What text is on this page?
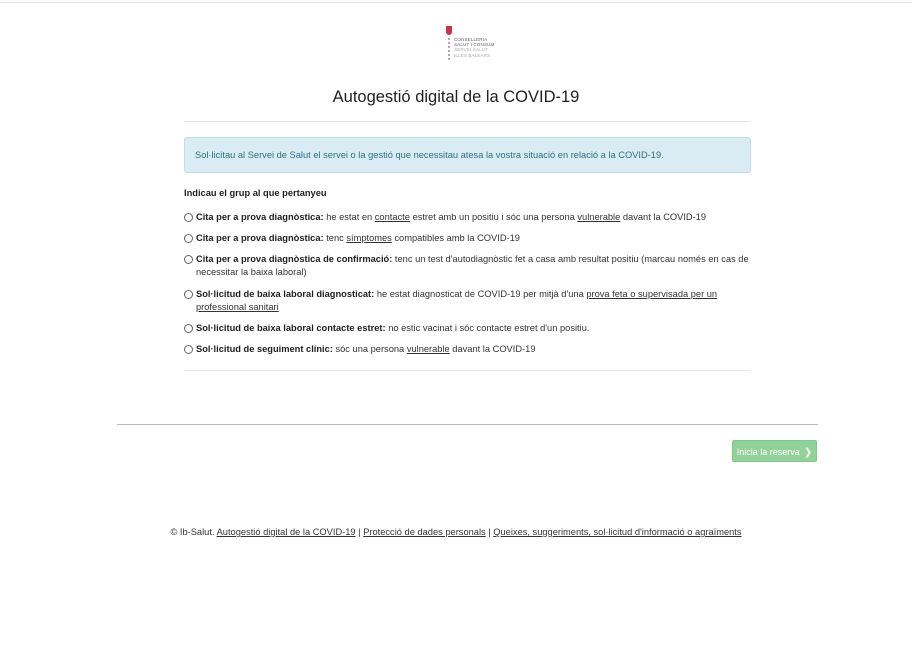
CONSELLERIA
SALUT I CONSUM
SERVEI SALUT
ILLES BALEARS
Autogestió digital de la COVID-19
Sol·licitau al Servei de Salut el servei o la gestió que necessitau atesa la vostra situació en relació a la COVID-19.
Indicau el grup al que pertanyeu
Cita per a prova diagnòstica: he estat en contacte estret amb un positiu i sóc una persona vulnerable davant la COVID-19
Cita per a prova diagnòstica: tenc símptomes compatibles amb la COVID-19
Cita per a prova diagnòstica de confirmació: tenc un test d'autodiagnòstic fet a casa amb resultat positiu (marcau només en cas de necessitar la baixa laboral)
Sol·licitud de baixa laboral diagnosticat: he estat diagnosticat de COVID-19 per mitjà d'una prova feta o supervisada per un professional sanitari
Sol·licitud de baixa laboral contacte estret: no estic vacinat i sóc contacte estret d'un positiu.
Sol·licitud de seguiment clínic: sóc una persona vulnerable davant la COVID-19
Inicia la reserva ❯
© Ib-Salut. Autogestió digital de la COVID-19 | Protecció de dades personals | Queixes, suggeriments, sol·licitud d'informació o agraïments
